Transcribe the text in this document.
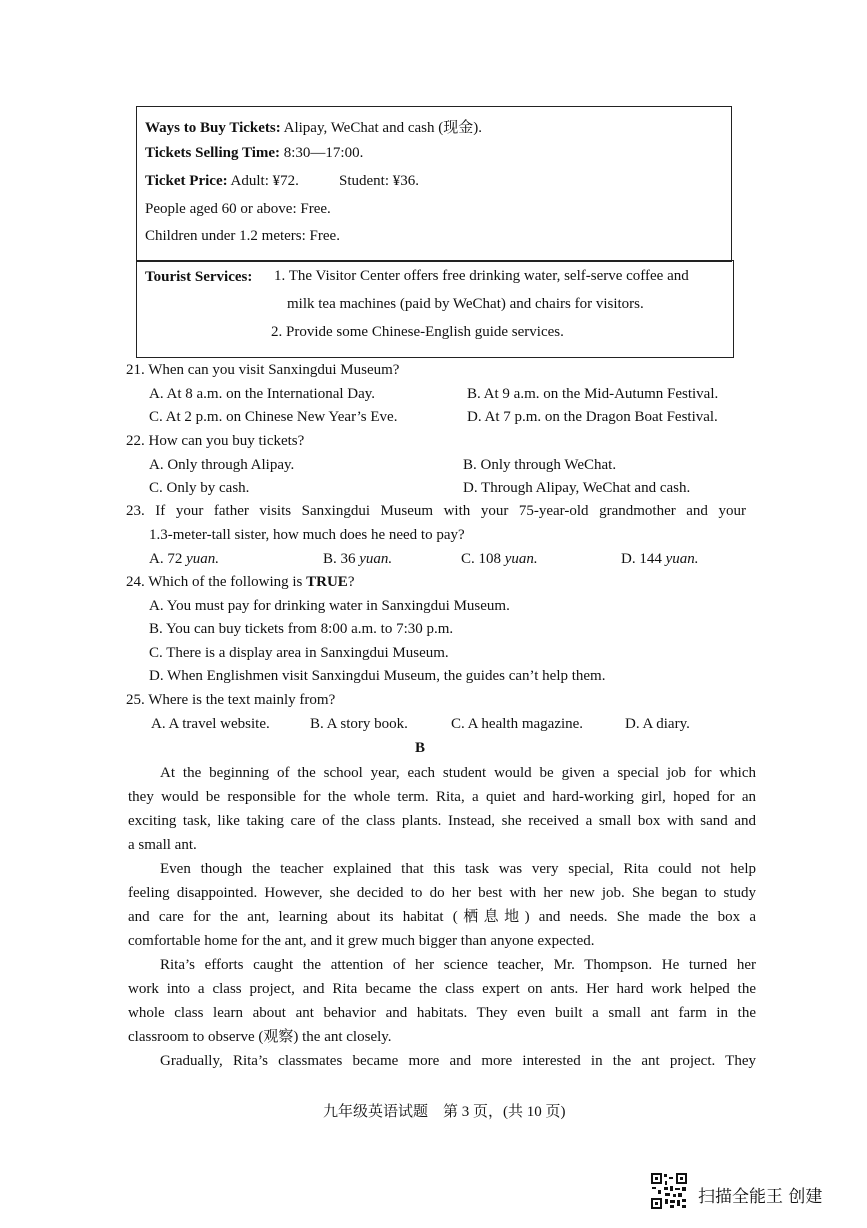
Ways to Buy Tickets: Alipay, WeChat and cash (现金).
Tickets Selling Time: 8:30—17:00.
Ticket Price: Adult: ¥72.	Student: ¥36.
People aged 60 or above: Free.
Children under 1.2 meters: Free.
Tourist Services: 1. The Visitor Center offers free drinking water, self-serve coffee and
milk tea machines (paid by WeChat) and chairs for visitors.
2. Provide some Chinese-English guide services.
21. When can you visit Sanxingdui Museum?
A. At 8 a.m. on the International Day.	B. At 9 a.m. on the Mid-Autumn Festival.
C. At 2 p.m. on Chinese New Year’s Eve.	D. At 7 p.m. on the Dragon Boat Festival.
22. How can you buy tickets?
A. Only through Alipay.	B. Only through WeChat.
C. Only by cash.	D. Through Alipay, WeChat and cash.
23. If your father visits Sanxingdui Museum with your 75-year-old grandmother and your
1.3-meter-tall sister, how much does he need to pay?
A. 72 yuan.	B. 36 yuan.	C. 108 yuan.	D. 144 yuan.
24. Which of the following is TRUE?
A. You must pay for drinking water in Sanxingdui Museum.
B. You can buy tickets from 8:00 a.m. to 7:30 p.m.
C. There is a display area in Sanxingdui Museum.
D. When Englishmen visit Sanxingdui Museum, the guides can’t help them.
25. Where is the text mainly from?
A. A travel website.	B. A story book.	C. A health magazine.	D. A diary.
B
At the beginning of the school year, each student would be given a special job for which
they would be responsible for the whole term. Rita, a quiet and hard-working girl, hoped for an
exciting task, like taking care of the class plants. Instead, she received a small box with sand and
a small ant.
Even though the teacher explained that this task was very special, Rita could not help
feeling disappointed. However, she decided to do her best with her new job. She began to study
and care for the ant, learning about its habitat (栖息地) and needs. She made the box a
comfortable home for the ant, and it grew much bigger than anyone expected.
Rita’s efforts caught the attention of her science teacher, Mr. Thompson. He turned her
work into a class project, and Rita became the class expert on ants. Her hard work helped the
whole class learn about ant behavior and habitats. They even built a small ant farm in the
classroom to observe (观察) the ant closely.
Gradually, Rita’s classmates became more and more interested in the ant project. They
九年级英语试题　第 3 页，(共 10 页)
扫描全能王 创建
